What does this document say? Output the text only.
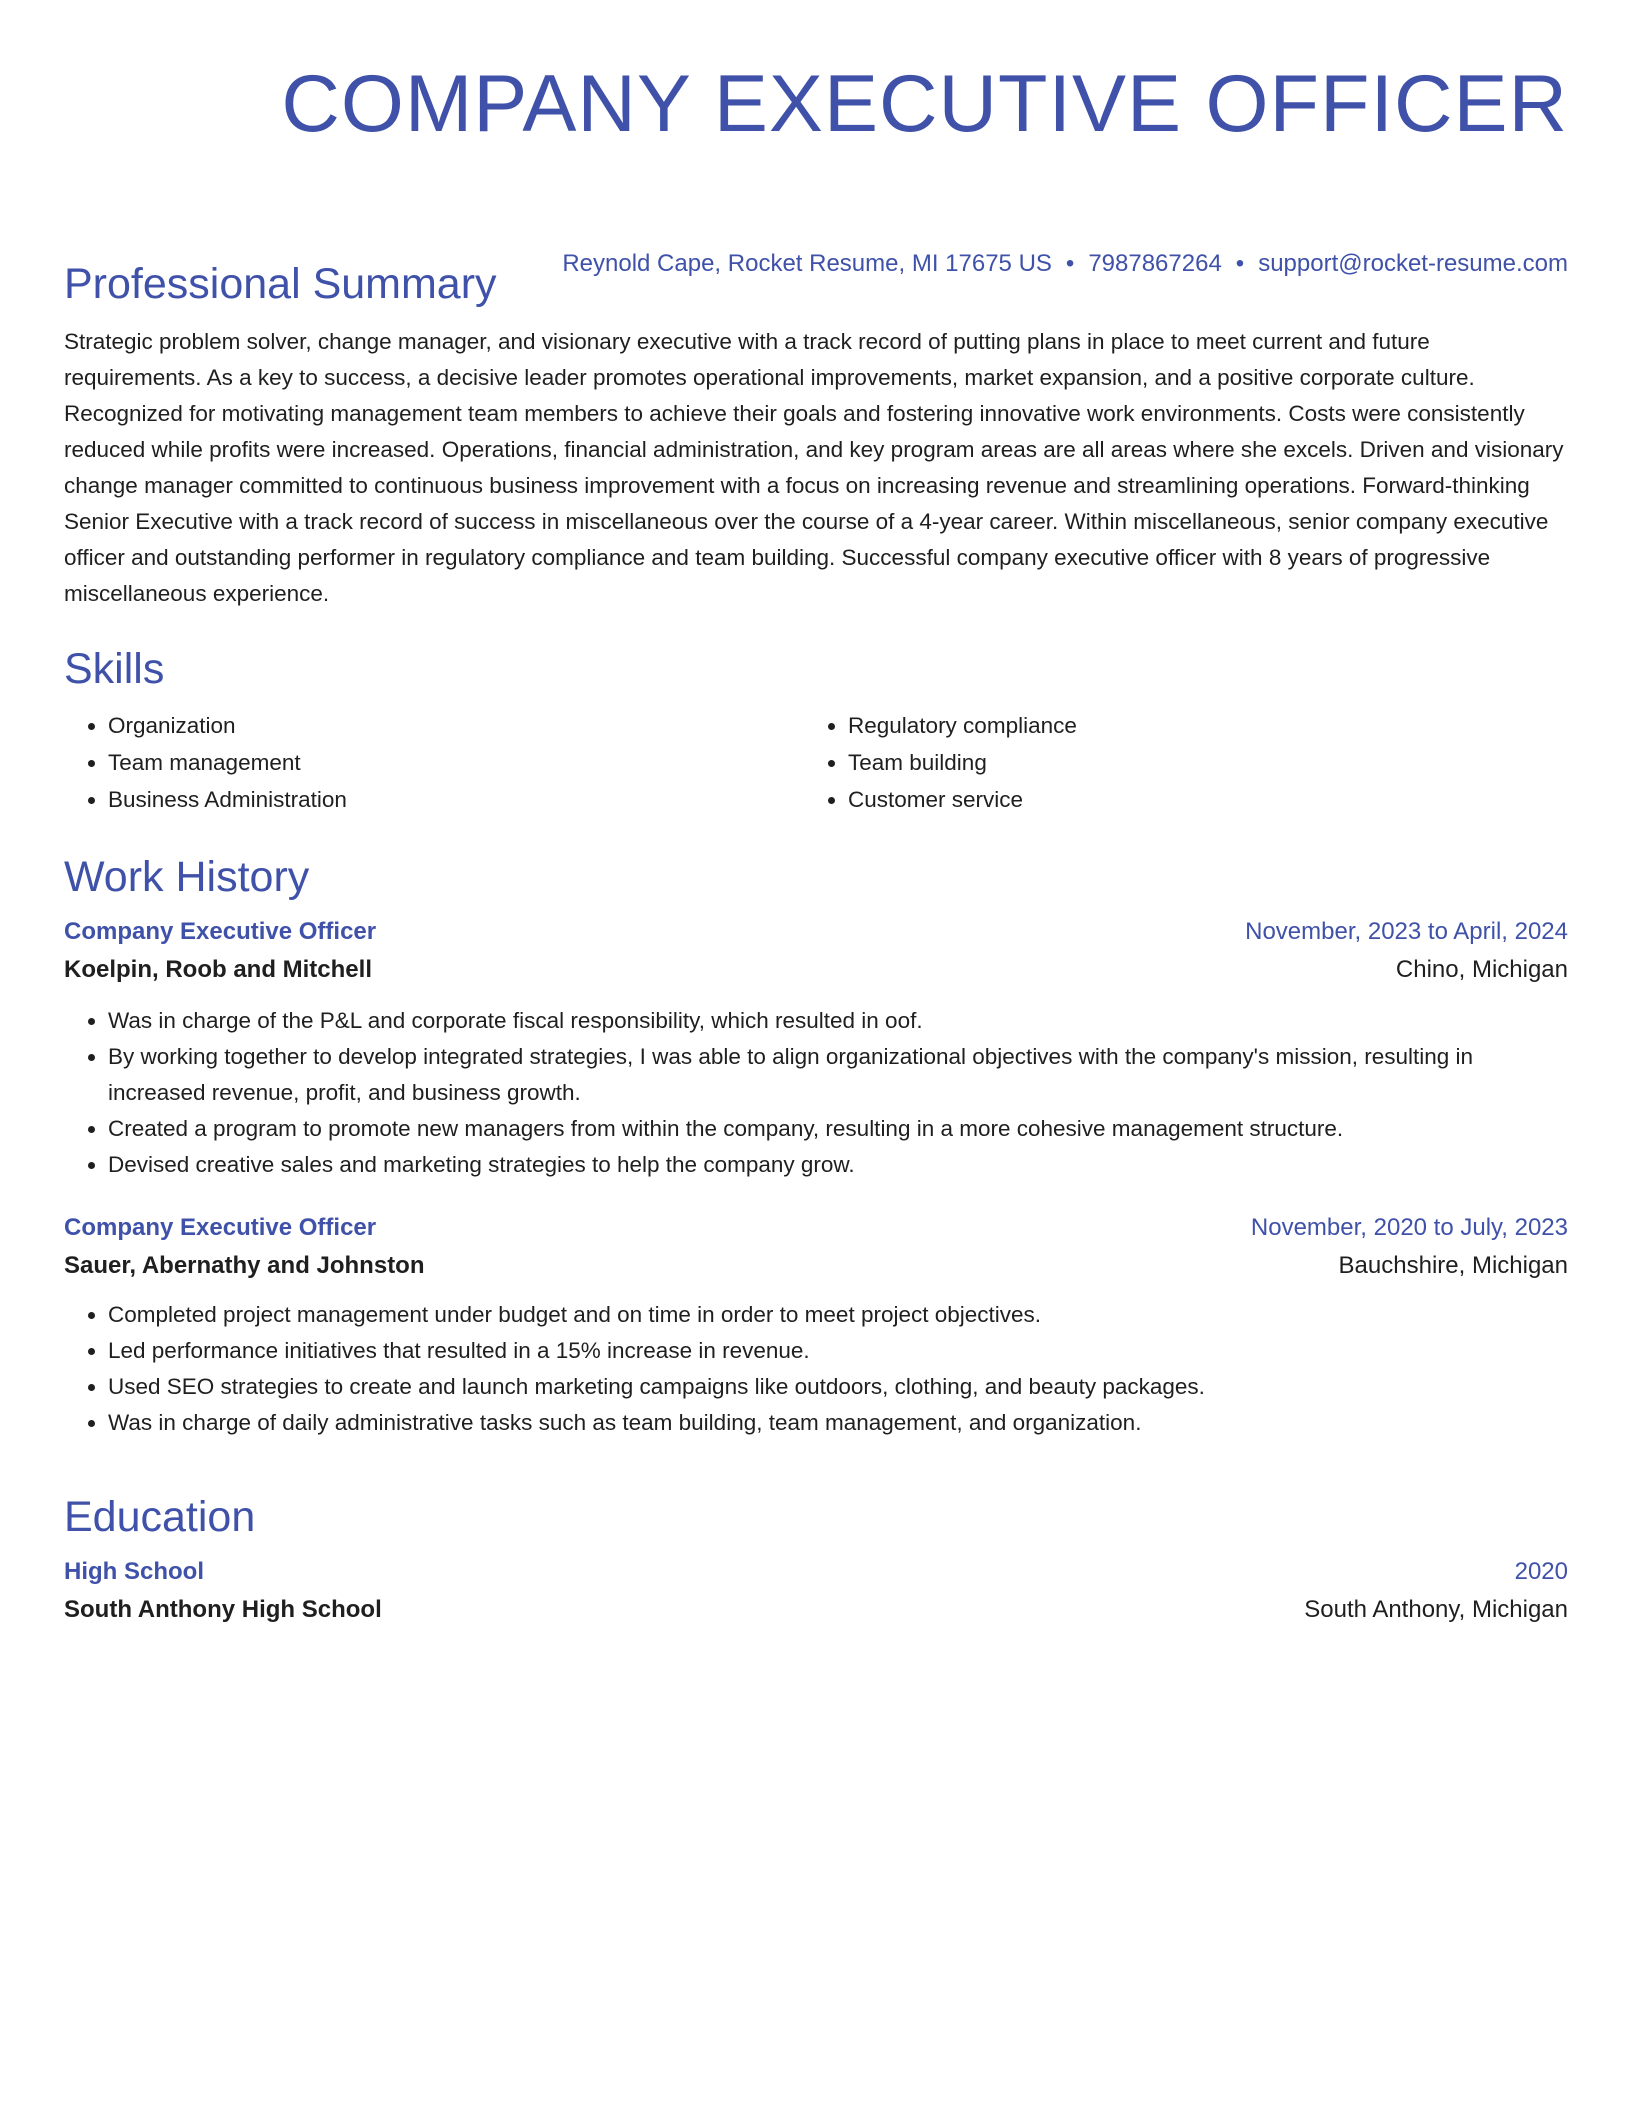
COMPANY EXECUTIVE OFFICER
Reynold Cape, Rocket Resume, MI 17675 US • 7987867264 • support@rocket-resume.com
Professional Summary

Strategic problem solver, change manager, and visionary executive with a track record of putting plans in place to meet current and future requirements. As a key to success, a decisive leader promotes operational improvements, market expansion, and a positive corporate culture. Recognized for motivating management team members to achieve their goals and fostering innovative work environments. Costs were consistently reduced while profits were increased. Operations, financial administration, and key program areas are all areas where she excels. Driven and visionary change manager committed to continuous business improvement with a focus on increasing revenue and streamlining operations. Forward-thinking Senior Executive with a track record of success in miscellaneous over the course of a 4-year career. Within miscellaneous, senior company executive officer and outstanding performer in regulatory compliance and team building. Successful company executive officer with 8 years of progressive miscellaneous experience.

Skills
• Organization
• Team management
• Business Administration
• Regulatory compliance
• Team building
• Customer service
Work History
Company Executive Officer	November, 2023 to April, 2024
Koelpin, Roob and Mitchell	Chino, Michigan
• Was in charge of the P&L and corporate fiscal responsibility, which resulted in oof.
• By working together to develop integrated strategies, I was able to align organizational objectives with the company's mission, resulting in increased revenue, profit, and business growth.
• Created a program to promote new managers from within the company, resulting in a more cohesive management structure.
• Devised creative sales and marketing strategies to help the company grow.
Company Executive Officer	November, 2020 to July, 2023
Sauer, Abernathy and Johnston	Bauchshire, Michigan
• Completed project management under budget and on time in order to meet project objectives.
• Led performance initiatives that resulted in a 15% increase in revenue.
• Used SEO strategies to create and launch marketing campaigns like outdoors, clothing, and beauty packages.
• Was in charge of daily administrative tasks such as team building, team management, and organization.
Education
High School	2020
South Anthony High School	South Anthony, Michigan
